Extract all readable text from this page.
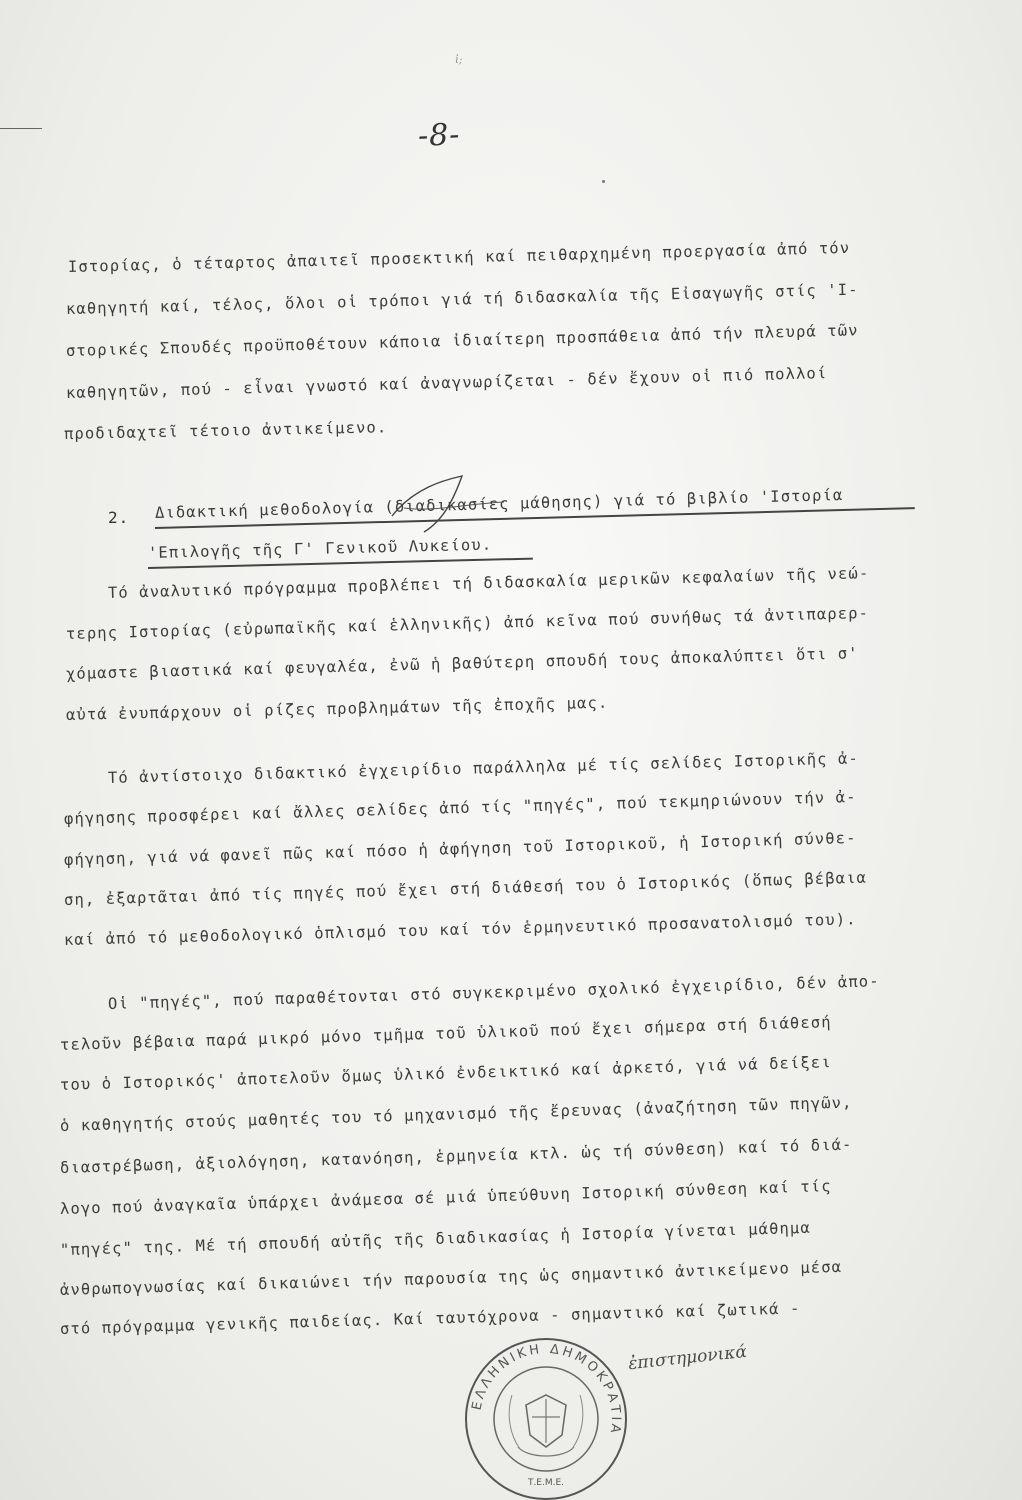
ἰ;
-8-
Ιστορίας, ὁ τέταρτος ἀπαιτεῖ προσεκτική καί πειθαρχημένη προεργασία ἀπό τόν
καθηγητή καί, τέλος, ὅλοι οἱ τρόποι γιά τή διδασκαλία τῆς Εἰσαγωγῆς στίς 'Ι-
στορικές Σπουδές προϋποθέτουν κάποια ἰδιαίτερη προσπάθεια ἀπό τήν πλευρά τῶν
καθηγητῶν, πού - εἶναι γνωστό καί ἀναγνωρίζεται - δέν ἔχουν οἱ πιό πολλοί
προδιδαχτεῖ τέτοιο ἀντικείμενο.
2. Διδακτική μεθοδολογία (διαδικασίες μάθησης) γιά τό βιβλίο 'Ιστορία
'Επιλογῆς τῆς Γ' Γενικοῦ Λυκείου.
Τό ἀναλυτικό πρόγραμμα προβλέπει τή διδασκαλία μερικῶν κεφαλαίων τῆς νεώ-
τερης Ιστορίας (εὐρωπαϊκῆς καί ἑλληνικῆς) ἀπό κεῖνα πού συνήθως τά ἀντιπαρερ-
χόμαστε βιαστικά καί φευγαλέα, ἐνῶ ἡ βαθύτερη σπουδή τους ἀποκαλύπτει ὅτι σ'
αὐτά ἐνυπάρχουν οἱ ρίζες προβλημάτων τῆς ἐποχῆς μας.
Τό ἀντίστοιχο διδακτικό ἐγχειρίδιο παράλληλα μέ τίς σελίδες Ιστορικῆς ἀ-
φήγησης προσφέρει καί ἄλλες σελίδες ἀπό τίς "πηγές", πού τεκμηριώνουν τήν ἀ-
φήγηση, γιά νά φανεῖ πῶς καί πόσο ἡ ἀφήγηση τοῦ Ιστορικοῦ, ἡ Ιστορική σύνθε-
ση, ἐξαρτᾶται ἀπό τίς πηγές πού ἔχει στή διάθεσή του ὁ Ιστορικός (ὅπως βέβαια
καί ἀπό τό μεθοδολογικό ὁπλισμό του καί τόν ἑρμηνευτικό προσανατολισμό του).
Οἱ "πηγές", πού παραθέτονται στό συγκεκριμένο σχολικό ἐγχειρίδιο, δέν ἀπο-
τελοῦν βέβαια παρά μικρό μόνο τμῆμα τοῦ ὑλικοῦ πού ἔχει σήμερα στή διάθεσή
του ὁ Ιστορικός' ἀποτελοῦν ὅμως ὑλικό ἐνδεικτικό καί ἀρκετό, γιά νά δείξει
ὁ καθηγητής στούς μαθητές του τό μηχανισμό τῆς ἔρευνας (ἀναζήτηση τῶν πηγῶν,
διαστρέβωση, ἀξιολόγηση, κατανόηση, ἑρμηνεία κτλ. ὡς τή σύνθεση) καί τό διά-
λογο πού ἀναγκαῖα ὑπάρχει ἀνάμεσα σέ μιά ὑπεύθυνη Ιστορική σύνθεση καί τίς
"πηγές" της. Μέ τή σπουδή αὐτῆς τῆς διαδικασίας ἡ Ιστορία γίνεται μάθημα
ἀνθρωπογνωσίας καί δικαιώνει τήν παρουσία της ὡς σημαντικό ἀντικείμενο μέσα
στό πρόγραμμα γενικῆς παιδείας. Καί ταυτόχρονα - σημαντικό καί ζωτικά -
ἐπιστημονικά
ΕΛΛΗΝΙΚΗ ΔΗΜΟΚΡΑΤΙΑ
Τ.Ε.Μ.Ε.
